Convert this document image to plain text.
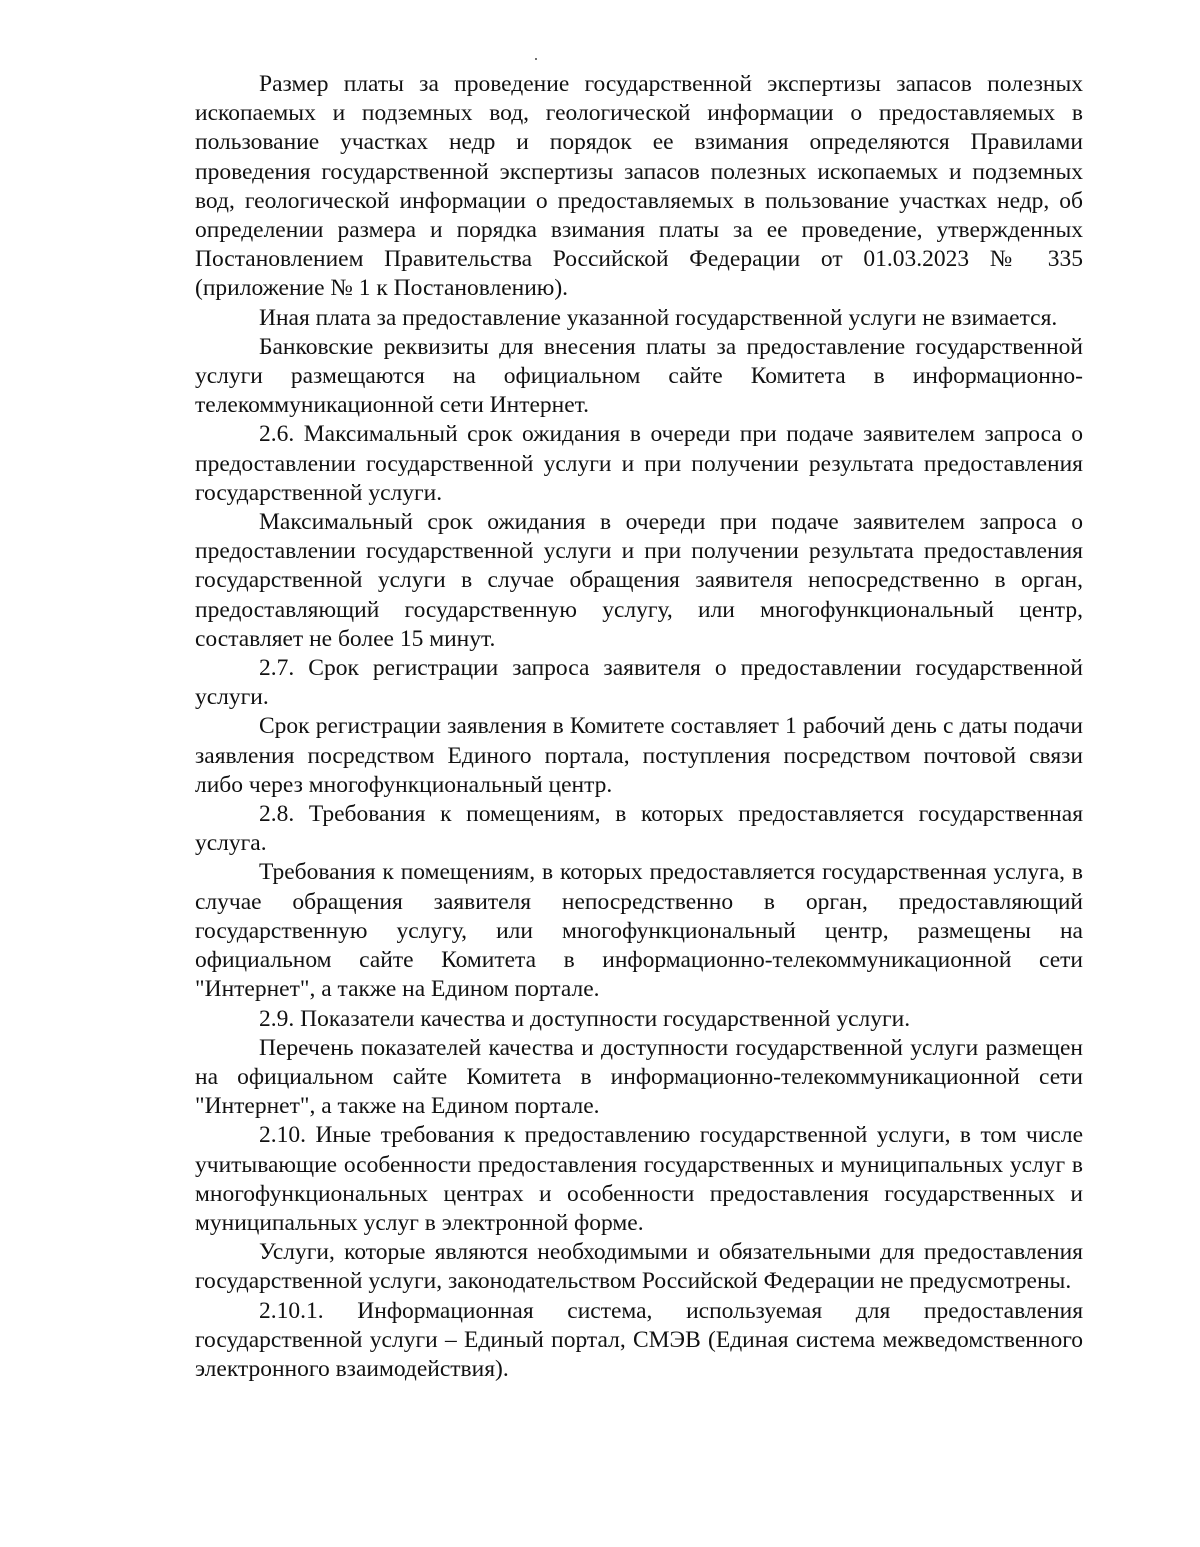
Размер платы за проведение государственной экспертизы запасов полезных ископаемых и подземных вод, геологической информации о предоставляемых в пользование участках недр и порядок ее взимания определяются Правилами проведения государственной экспертизы запасов полезных ископаемых и подземных вод, геологической информации о предоставляемых в пользование участках недр, об определении размера и порядка взимания платы за ее проведение, утвержденных Постановлением Правительства Российской Федерации от 01.03.2023 № 335 (приложение № 1 к Постановлению).

Иная плата за предоставление указанной государственной услуги не взимается.

Банковские реквизиты для внесения платы за предоставление государственной услуги размещаются на официальном сайте Комитета в информационно-телекоммуникационной сети Интернет.

2.6. Максимальный срок ожидания в очереди при подаче заявителем запроса о предоставлении государственной услуги и при получении результата предоставления государственной услуги.

Максимальный срок ожидания в очереди при подаче заявителем запроса о предоставлении государственной услуги и при получении результата предоставления государственной услуги в случае обращения заявителя непосредственно в орган, предоставляющий государственную услугу, или многофункциональный центр, составляет не более 15 минут.

2.7. Срок регистрации запроса заявителя о предоставлении государственной услуги.

Срок регистрации заявления в Комитете составляет 1 рабочий день с даты подачи заявления посредством Единого портала, поступления посредством почтовой связи либо через многофункциональный центр.

2.8. Требования к помещениям, в которых предоставляется государственная услуга.

Требования к помещениям, в которых предоставляется государственная услуга, в случае обращения заявителя непосредственно в орган, предоставляющий государственную услугу, или многофункциональный центр, размещены на официальном сайте Комитета в информационно-телекоммуникационной сети "Интернет", а также на Едином портале.

2.9. Показатели качества и доступности государственной услуги.

Перечень показателей качества и доступности государственной услуги размещен на официальном сайте Комитета в информационно-телекоммуникационной сети "Интернет", а также на Едином портале.

2.10. Иные требования к предоставлению государственной услуги, в том числе учитывающие особенности предоставления государственных и муниципальных услуг в многофункциональных центрах и особенности предоставления государственных и муниципальных услуг в электронной форме.

Услуги, которые являются необходимыми и обязательными для предоставления государственной услуги, законодательством Российской Федерации не предусмотрены.

2.10.1. Информационная система, используемая для предоставления государственной услуги – Единый портал, СМЭВ (Единая система межведомственного электронного взаимодействия).
